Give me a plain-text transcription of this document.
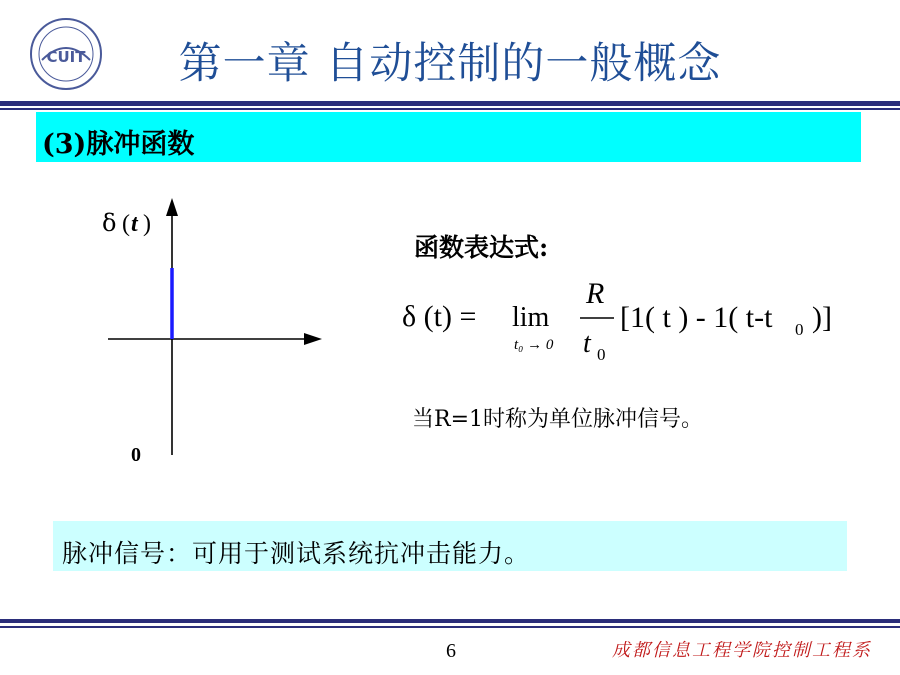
CUIT	第一章 自动控制的一般概念
(3)脉冲函数
δ ( t )
0
δ (t) = lim
t₀ → 0
R
t 0
[1( t ) - 1( t-t 0 )]
函数表达式:
当R=1时称为单位脉冲信号。
脉冲信号：可用于测试系统抗冲击能力。
6	成都信息工程学院控制工程系
